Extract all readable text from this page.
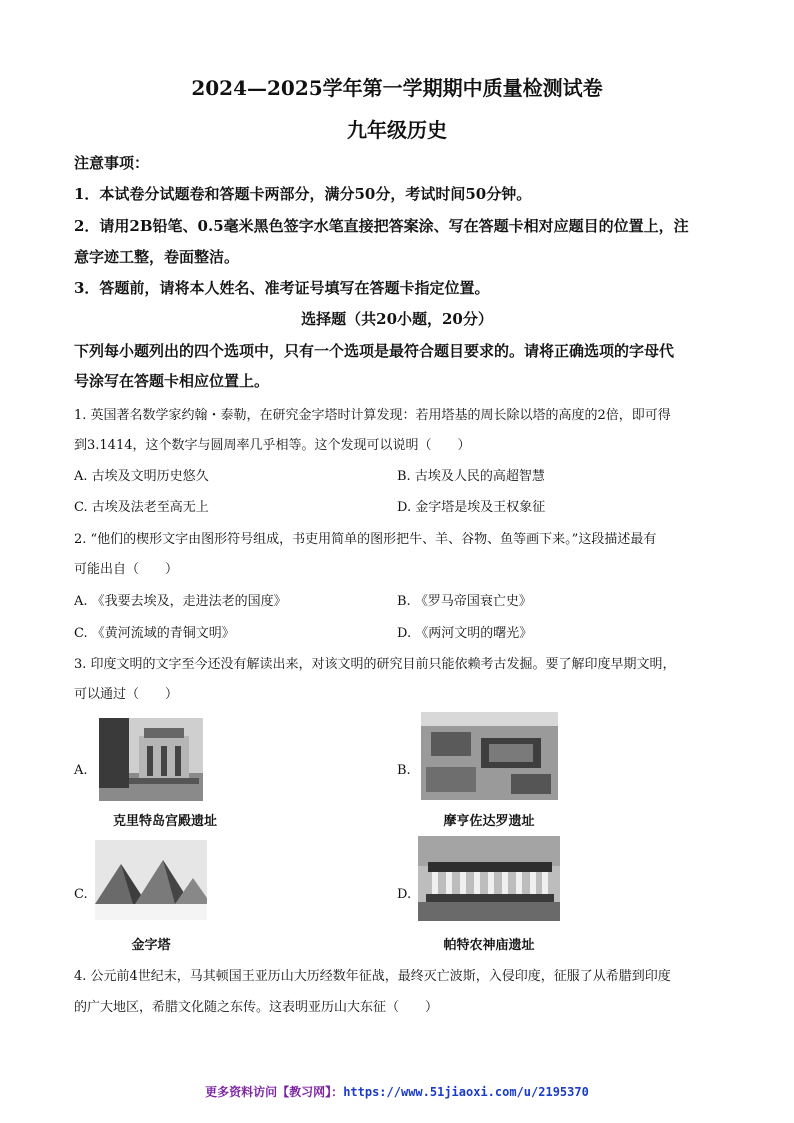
2024—2025学年第一学期期中质量检测试卷
九年级历史
注意事项：
1．本试卷分试题卷和答题卡两部分，满分50分，考试时间50分钟。
2．请用2B铅笔、0.5毫米黑色签字水笔直接把答案涂、写在答题卡相对应题目的位置上，注
意字迹工整，卷面整洁。
3．答题前，请将本人姓名、准考证号填写在答题卡指定位置。
选择题（共20小题，20分）
下列每小题列出的四个选项中，只有一个选项是最符合题目要求的。请将正确选项的字母代
号涂写在答题卡相应位置上。
1. 英国著名数学家约翰・泰勒，在研究金字塔时计算发现：若用塔基的周长除以塔的高度的2倍，即可得
到3.1414，这个数字与圆周率几乎相等。这个发现可以说明（　　）
A. 古埃及文明历史悠久	B. 古埃及人民的高超智慧
C. 古埃及法老至高无上	D. 金字塔是埃及王权象征
2. “他们的楔形文字由图形符号组成，书吏用简单的图形把牛、羊、谷物、鱼等画下来。”这段描述最有
可能出自（　　）
A. 《我要去埃及，走进法老的国度》	B. 《罗马帝国衰亡史》
C. 《黄河流域的青铜文明》	D. 《两河文明的曙光》
3. 印度文明的文字至今还没有解读出来，对该文明的研究目前只能依赖考古发掘。要了解印度早期文明，
可以通过（　　）
A.
克里特岛宫殿遗址
B.
摩亨佐达罗遗址
C.
金字塔
D.
帕特农神庙遗址
4. 公元前4世纪末，马其顿国王亚历山大历经数年征战，最终灭亡波斯，入侵印度，征服了从希腊到印度
的广大地区，希腊文化随之东传。这表明亚历山大东征（　　）
更多资料访问【教习网】：https://www.51jiaoxi.com/u/2195370
